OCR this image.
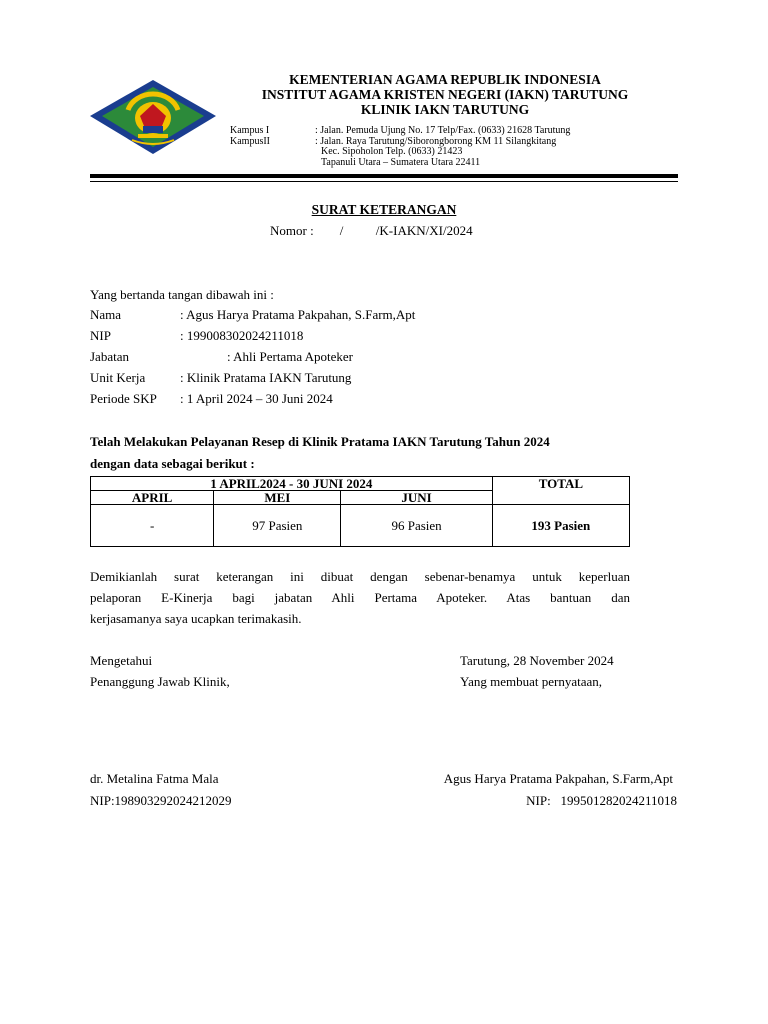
KEMENTERIAN AGAMA REPUBLIK INDONESIA
INSTITUT AGAMA KRISTEN NEGERI (IAKN) TARUTUNG
KLINIK IAKN TARUTUNG
Kampus I	: Jalan. Pemuda Ujung No. 17 Telp/Fax. (0633) 21628 Tarutung
KampusII	: Jalan. Raya Tarutung/Siborongborong KM 11 Silangkitang
Kec. Sipoholon Telp. (0633) 21423
Tapanuli Utara – Sumatera Utara 22411
SURAT KETERANGAN
Nomor :        /          /K-IAKN/XI/2024
Yang bertanda tangan dibawah ini :
Nama	: Agus Harya Pratama Pakpahan, S.Farm,Apt
NIP	: 199008302024211018
Jabatan	: Ahli Pertama Apoteker
Unit Kerja	: Klinik Pratama IAKN Tarutung
Periode SKP : 1 April 2024 – 30 Juni 2024
Telah Melakukan Pelayanan Resep di Klinik Pratama IAKN Tarutung Tahun 2024
dengan data sebagai berikut :
1 APRIL2024 - 30 JUNI 2024			TOTAL
APRIL	MEI	JUNI	
-	97 Pasien	96 Pasien	193 Pasien
Demikianlah surat keterangan ini dibuat dengan sebenar-benamya untuk keperluan
pelaporan E-Kinerja bagi jabatan Ahli Pertama Apoteker. Atas bantuan dan
kerjasamanya saya ucapkan terimakasih.
Mengetahui
Penanggung Jawab Klinik,
Tarutung, 28 November 2024
Yang membuat pernyataan,
dr. Metalina Fatma Mala
NIP:198903292024212029
Agus Harya Pratama Pakpahan, S.Farm,Apt
NIP:   199501282024211018
